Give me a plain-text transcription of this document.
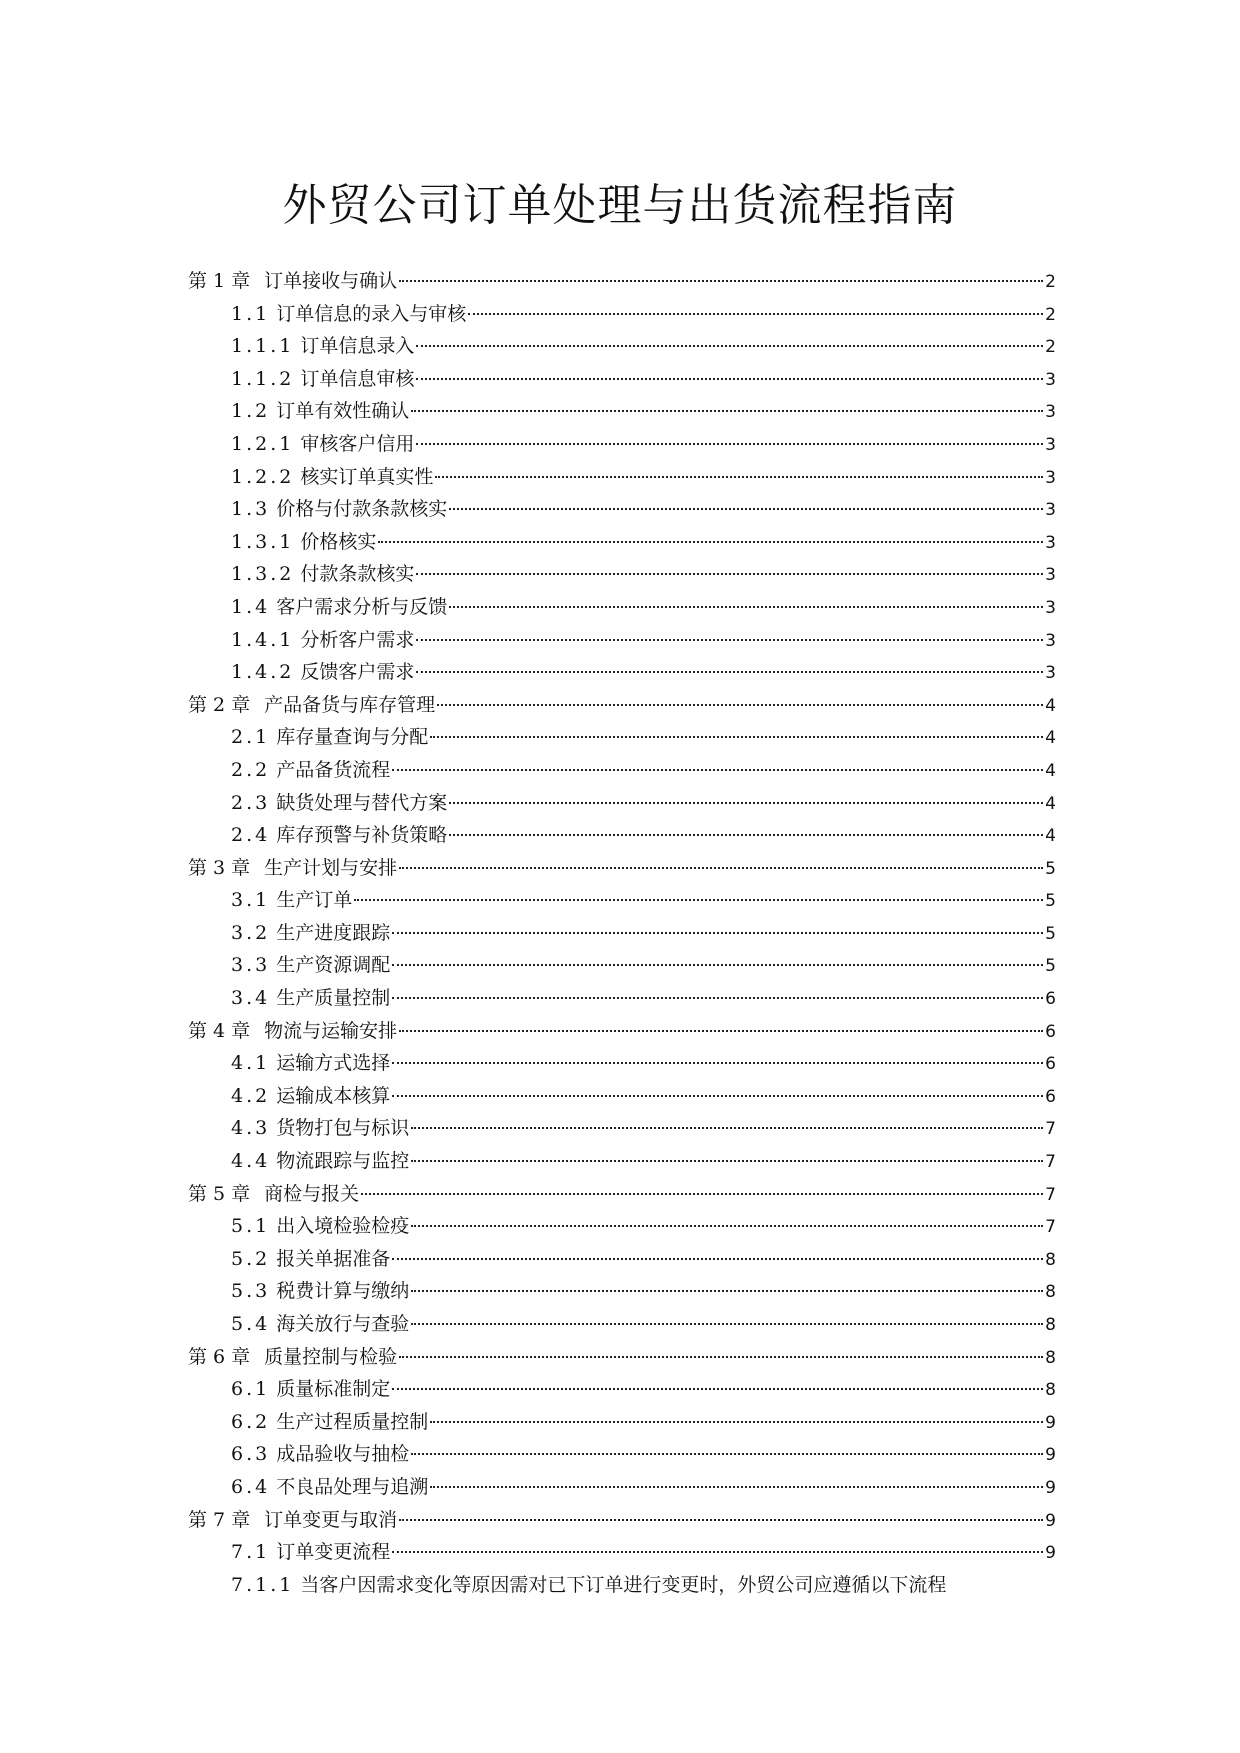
外贸公司订单处理与出货流程指南
第 1 章 订单接收与确认	2
1.1 订单信息的录入与审核	2
1.1.1 订单信息录入	2
1.1.2 订单信息审核	3
1.2 订单有效性确认	3
1.2.1 审核客户信用	3
1.2.2 核实订单真实性	3
1.3 价格与付款条款核实	3
1.3.1 价格核实	3
1.3.2 付款条款核实	3
1.4 客户需求分析与反馈	3
1.4.1 分析客户需求	3
1.4.2 反馈客户需求	3
第 2 章 产品备货与库存管理	4
2.1 库存量查询与分配	4
2.2 产品备货流程	4
2.3 缺货处理与替代方案	4
2.4 库存预警与补货策略	4
第 3 章 生产计划与安排	5
3.1 生产订单	5
3.2 生产进度跟踪	5
3.3 生产资源调配	5
3.4 生产质量控制	6
第 4 章 物流与运输安排	6
4.1 运输方式选择	6
4.2 运输成本核算	6
4.3 货物打包与标识	7
4.4 物流跟踪与监控	7
第 5 章 商检与报关	7
5.1 出入境检验检疫	7
5.2 报关单据准备	8
5.3 税费计算与缴纳	8
5.4 海关放行与查验	8
第 6 章 质量控制与检验	8
6.1 质量标准制定	8
6.2 生产过程质量控制	9
6.3 成品验收与抽检	9
6.4 不良品处理与追溯	9
第 7 章 订单变更与取消	9
7.1 订单变更流程	9
7.1.1 当客户因需求变化等原因需对已下订单进行变更时，外贸公司应遵循以下流程
